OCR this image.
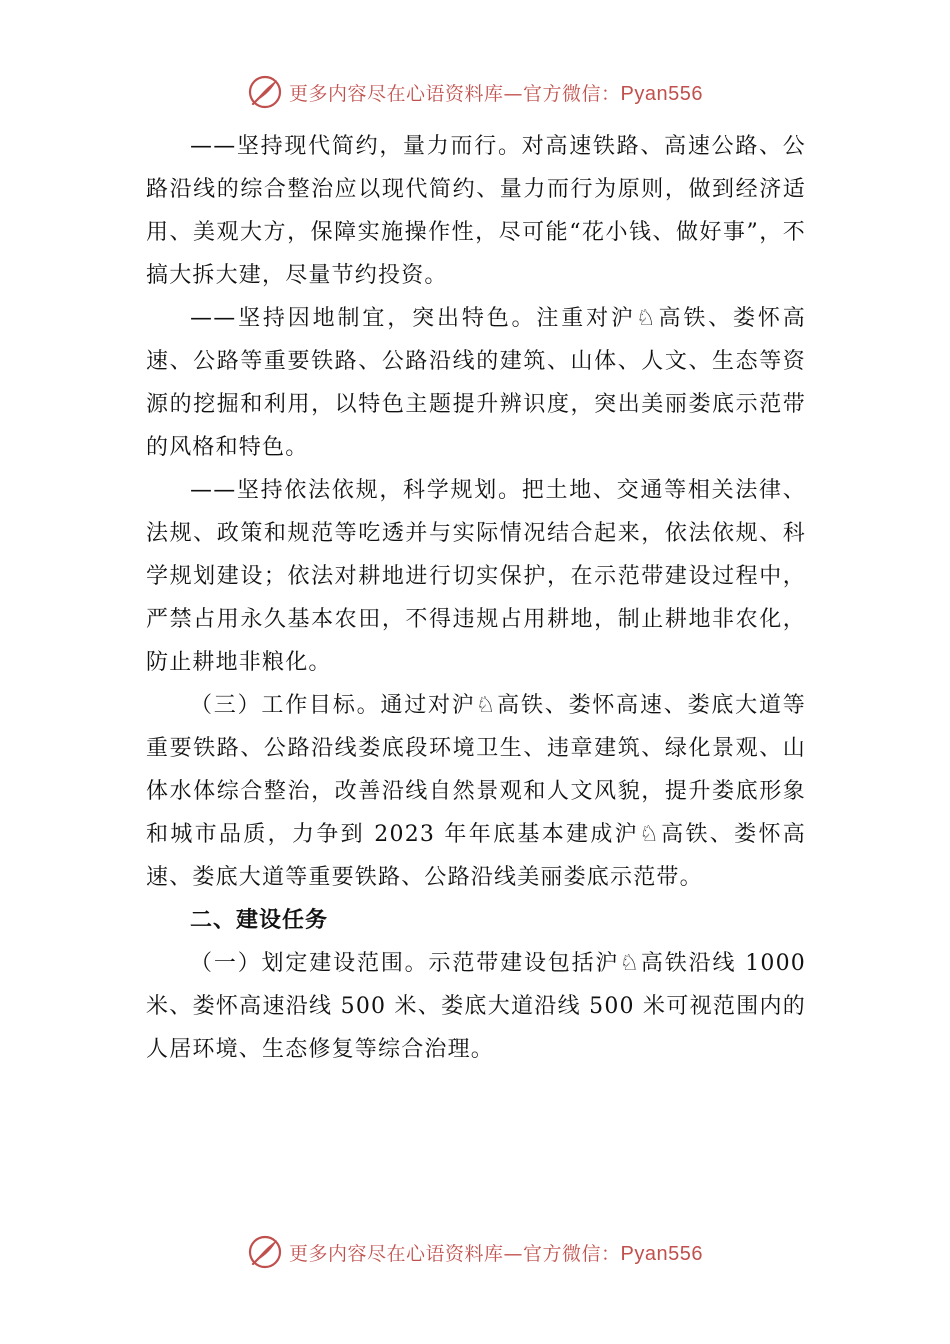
更多内容尽在心语资料库—官方微信：Pyan556

——坚持现代简约，量力而行。对高速铁路、高速公路、公路沿线的综合整治应以现代简约、量力而行为原则，做到经济适用、美观大方，保障实施操作性，尽可能“花小钱、做好事”，不搞大拆大建，尽量节约投资。

——坚持因地制宜，突出特色。注重对沪♘高铁、娄怀高速、公路等重要铁路、公路沿线的建筑、山体、人文、生态等资源的挖掘和利用，以特色主题提升辨识度，突出美丽娄底示范带的风格和特色。

——坚持依法依规，科学规划。把土地、交通等相关法律、法规、政策和规范等吃透并与实际情况结合起来，依法依规、科学规划建设；依法对耕地进行切实保护，在示范带建设过程中，严禁占用永久基本农田，不得违规占用耕地，制止耕地非农化，防止耕地非粮化。

（三）工作目标。通过对沪♘高铁、娄怀高速、娄底大道等重要铁路、公路沿线娄底段环境卫生、违章建筑、绿化景观、山体水体综合整治，改善沿线自然景观和人文风貌，提升娄底形象和城市品质，力争到 2023 年年底基本建成沪♘高铁、娄怀高速、娄底大道等重要铁路、公路沿线美丽娄底示范带。

二、建设任务

（一）划定建设范围。示范带建设包括沪♘高铁沿线 1000 米、娄怀高速沿线 500 米、娄底大道沿线 500 米可视范围内的人居环境、生态修复等综合治理。

更多内容尽在心语资料库—官方微信：Pyan556
